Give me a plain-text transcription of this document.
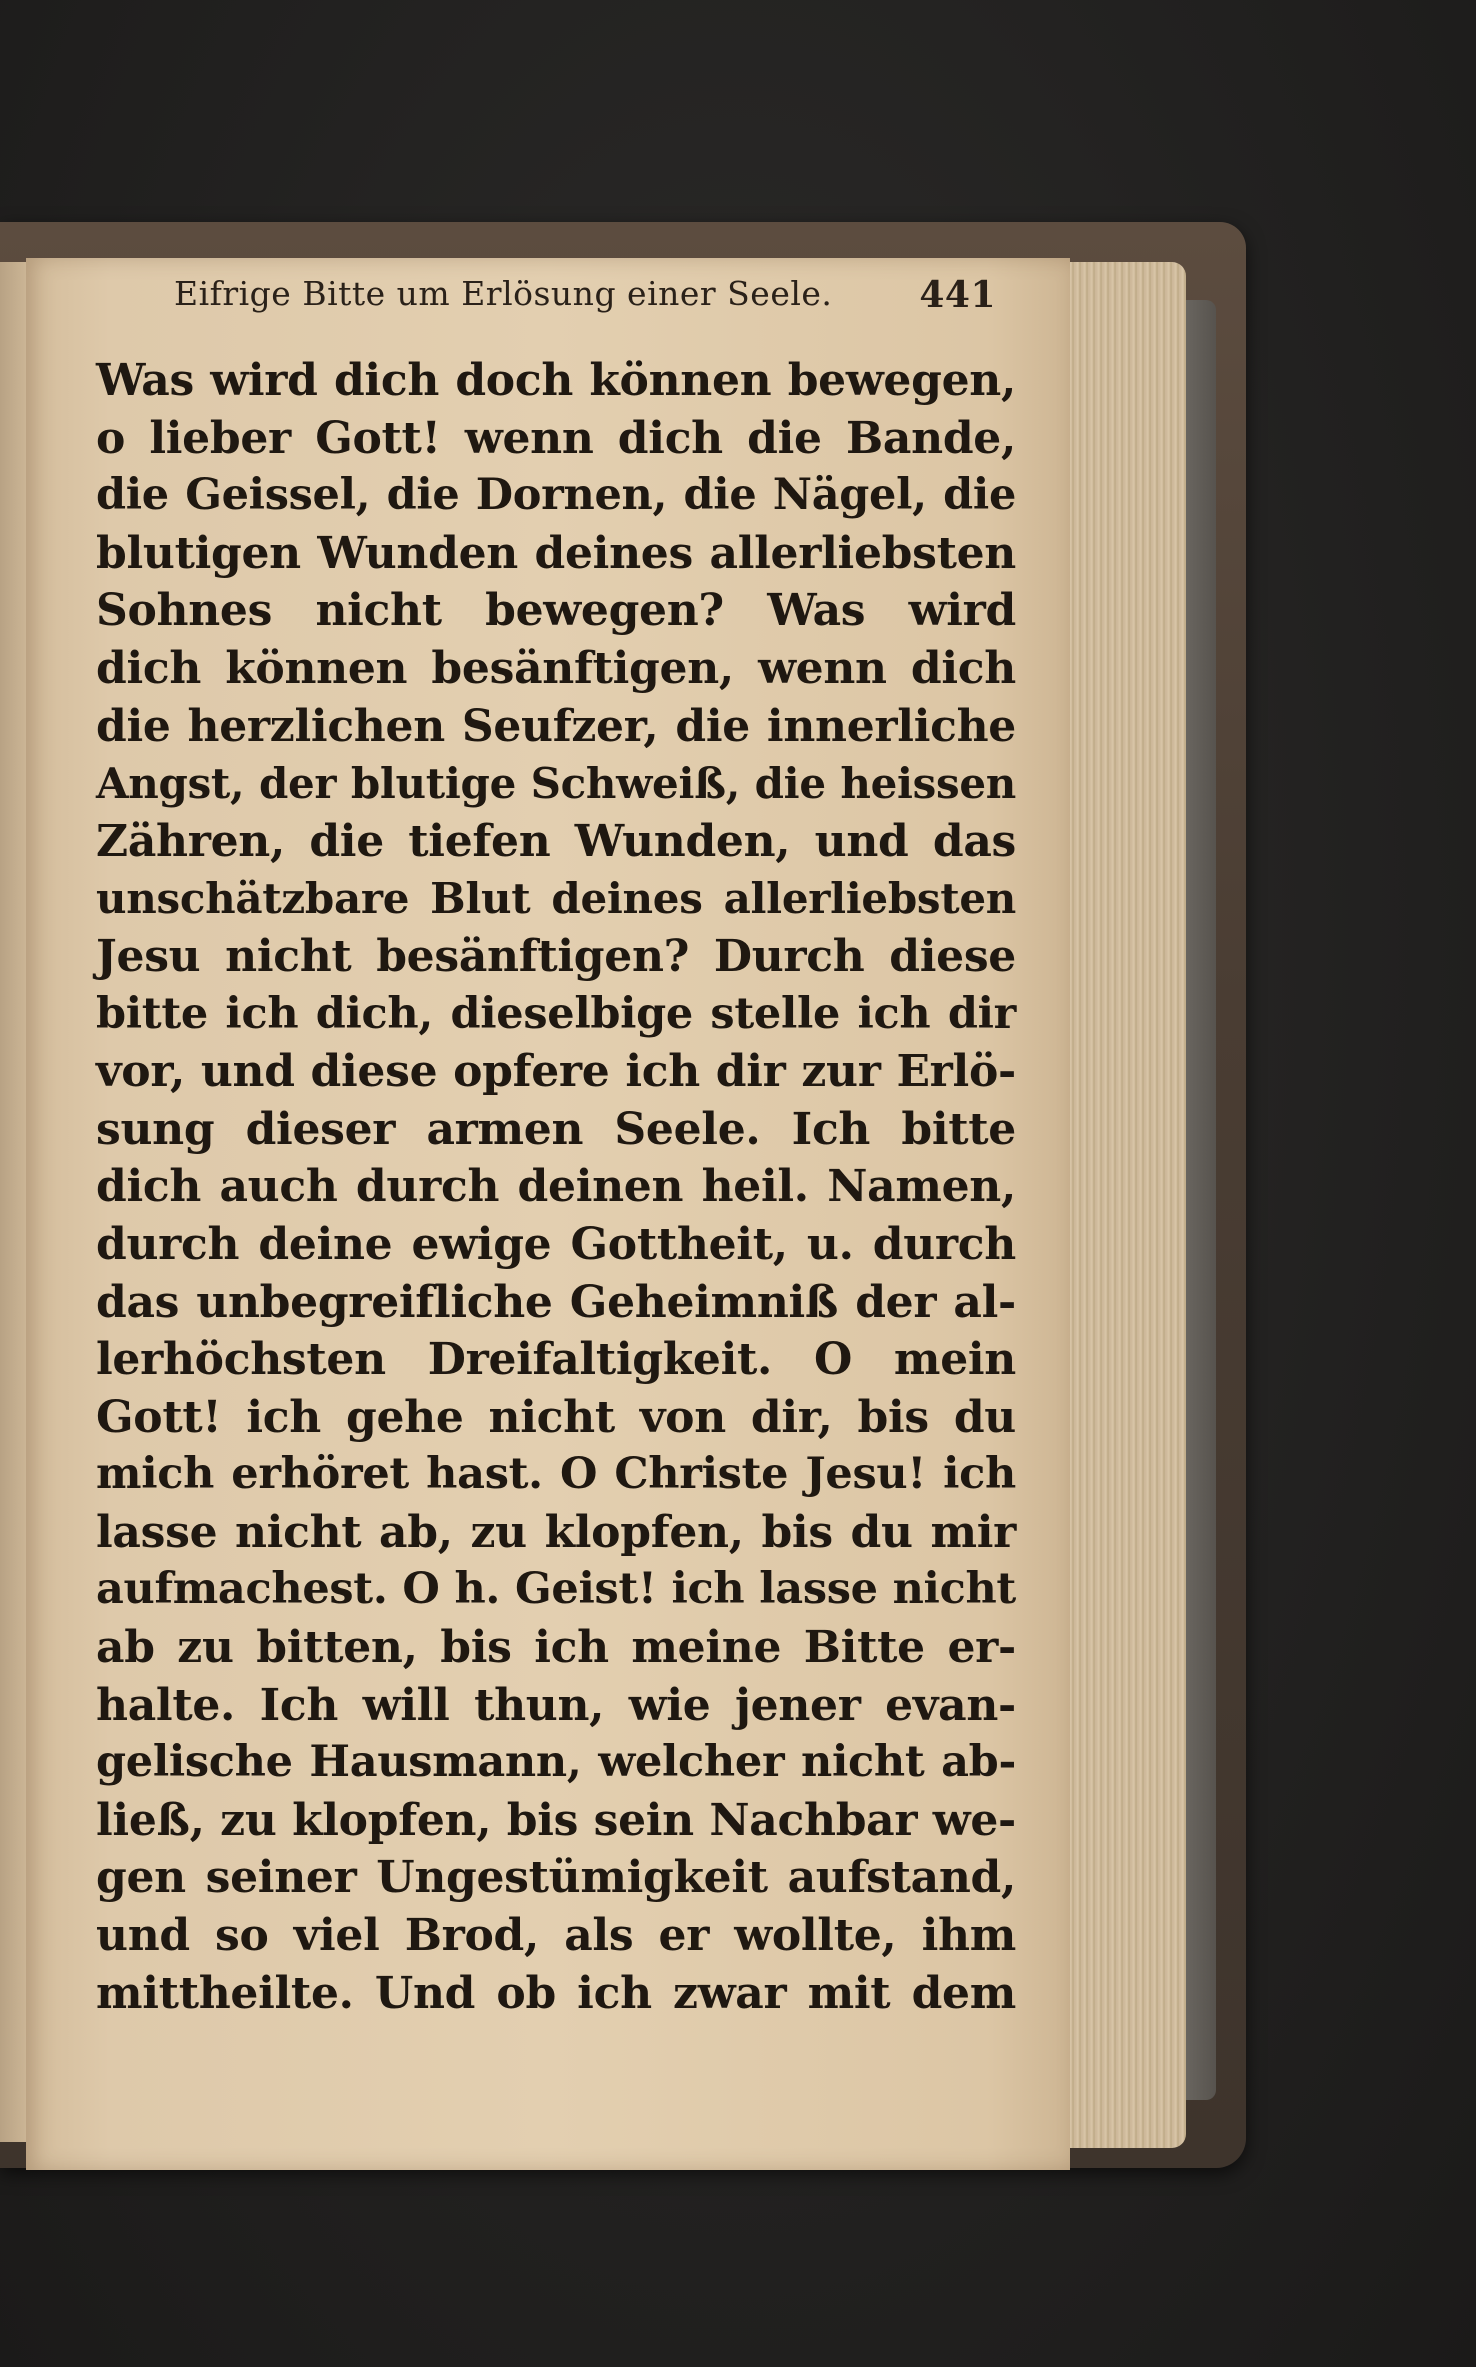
Eifrige Bitte um Erlösung einer Seele. 441
Was wird dich doch können bewegen,
o lieber Gott! wenn dich die Bande,
die Geissel, die Dornen, die Nägel, die
blutigen Wunden deines allerliebsten
Sohnes nicht bewegen? Was wird
dich können besänftigen, wenn dich
die herzlichen Seufzer, die innerliche
Angst, der blutige Schweiß, die heissen
Zähren, die tiefen Wunden, und das
unschätzbare Blut deines allerliebsten
Jesu nicht besänftigen? Durch diese
bitte ich dich, dieselbige stelle ich dir
vor, und diese opfere ich dir zur Erlö-
sung dieser armen Seele. Ich bitte
dich auch durch deinen heil. Namen,
durch deine ewige Gottheit, u. durch
das unbegreifliche Geheimniß der al-
lerhöchsten Dreifaltigkeit. O mein
Gott! ich gehe nicht von dir, bis du
mich erhöret hast. O Christe Jesu! ich
lasse nicht ab, zu klopfen, bis du mir
aufmachest. O h. Geist! ich lasse nicht
ab zu bitten, bis ich meine Bitte er-
halte. Ich will thun, wie jener evan-
gelische Hausmann, welcher nicht ab-
ließ, zu klopfen, bis sein Nachbar we-
gen seiner Ungestümigkeit aufstand,
und so viel Brod, als er wollte, ihm
mittheilte. Und ob ich zwar mit dem
